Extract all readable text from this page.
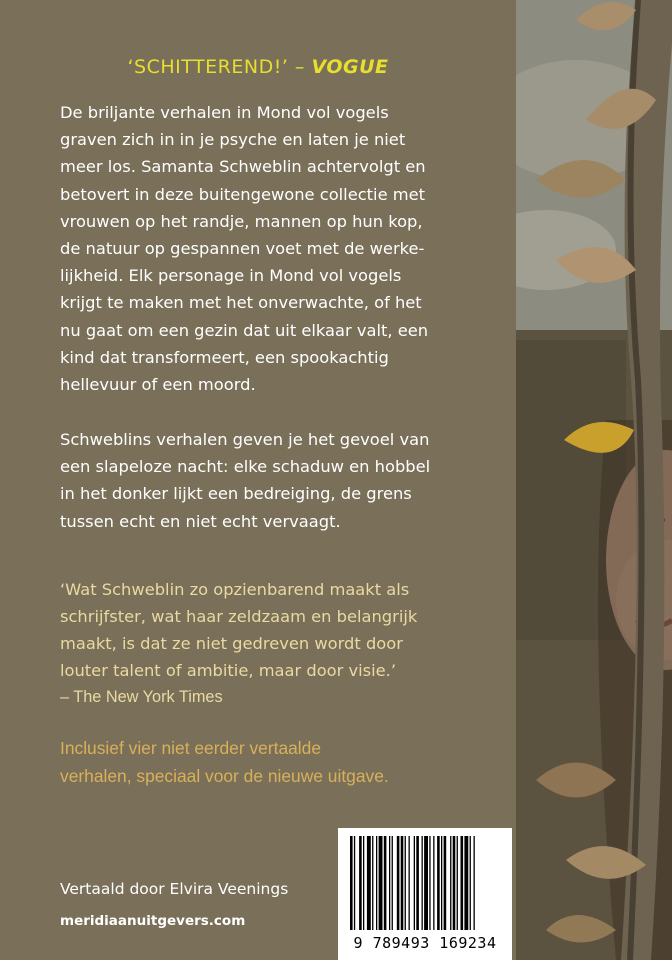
‘SCHITTEREND!’ – VOGUE
De briljante verhalen in Mond vol vogels
graven zich in in je psyche en laten je niet
meer los. Samanta Schweblin achtervolgt en
betovert in deze buitengewone collectie met
vrouwen op het randje, mannen op hun kop,
de natuur op gespannen voet met de werke-
lijkheid. Elk personage in Mond vol vogels
krijgt te maken met het onverwachte, of het
nu gaat om een gezin dat uit elkaar valt, een
kind dat transformeert, een spookachtig
hellevuur of een moord.
Schweblins verhalen geven je het gevoel van
een slapeloze nacht: elke schaduw en hobbel
in het donker lijkt een bedreiging, de grens
tussen echt en niet echt vervaagt.
‘Wat Schweblin zo opzienbarend maakt als
schrijfster, wat haar zeldzaam en belangrijk
maakt, is dat ze niet gedreven wordt door
louter talent of ambitie, maar door visie.’
– The New York Times
Inclusief vier niet eerder vertaalde
verhalen, speciaal voor de nieuwe uitgave.
Vertaald door Elvira Veenings
meridiaanuitgevers.com
9 789493 169234
